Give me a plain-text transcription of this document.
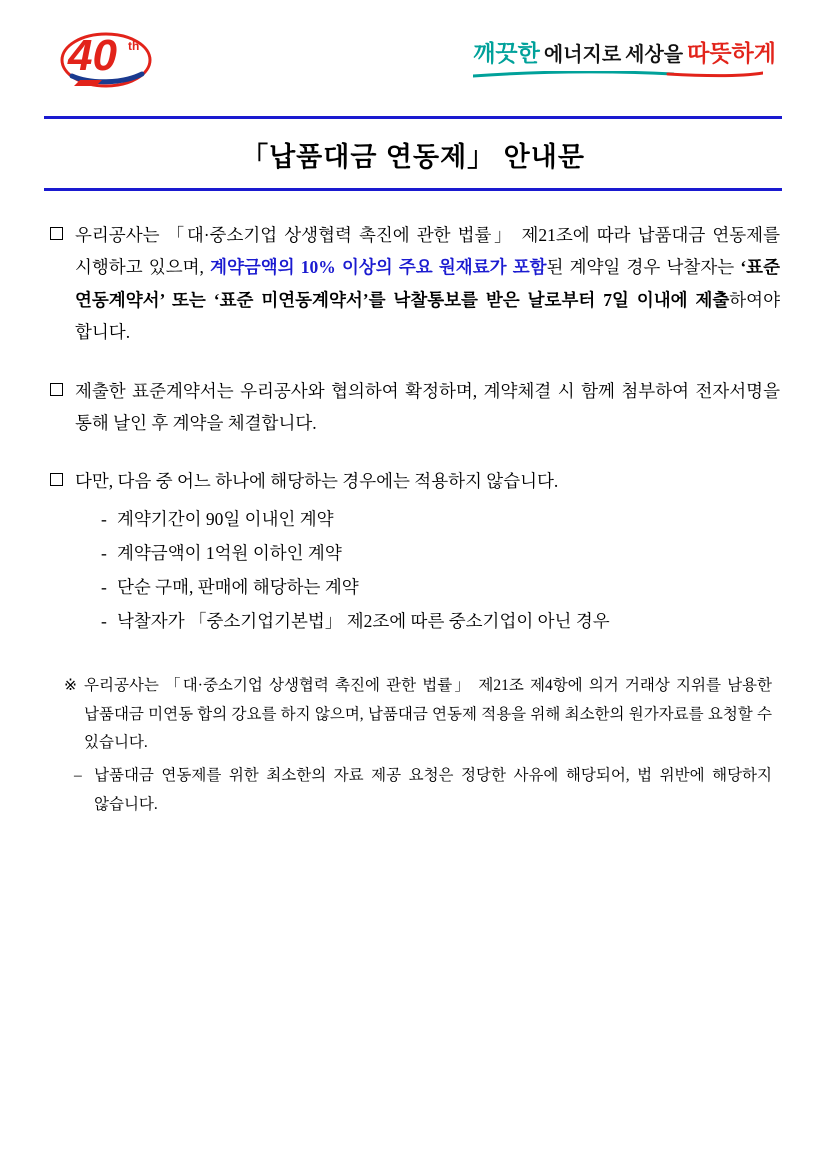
40 th	깨끗한 에너지로 세상을 따뜻하게
「납품대금 연동제」 안내문
우리공사는 「대·중소기업 상생협력 촉진에 관한 법률」 제21조에 따라 납품대금 연동제를 시행하고 있으며, 계약금액의 10% 이상의 주요 원재료가 포함된 계약일 경우 낙찰자는 ‘표준 연동계약서’ 또는 ‘표준 미연동계약서’를 낙찰통보를 받은 날로부터 7일 이내에 제출하여야 합니다.
제출한 표준계약서는 우리공사와 협의하여 확정하며, 계약체결 시 함께 첨부하여 전자서명을 통해 날인 후 계약을 체결합니다.
다만, 다음 중 어느 하나에 해당하는 경우에는 적용하지 않습니다.
- 계약기간이 90일 이내인 계약
- 계약금액이 1억원 이하인 계약
- 단순 구매, 판매에 해당하는 계약
- 낙찰자가 「중소기업기본법」 제2조에 따른 중소기업이 아닌 경우
※ 우리공사는 「대·중소기업 상생협력 촉진에 관한 법률」 제21조 제4항에 의거 거래상 지위를 남용한 납품대금 미연동 합의 강요를 하지 않으며, 납품대금 연동제 적용을 위해 최소한의 원가자료를 요청할 수 있습니다.
– 납품대금 연동제를 위한 최소한의 자료 제공 요청은 정당한 사유에 해당되어, 법 위반에 해당하지 않습니다.
